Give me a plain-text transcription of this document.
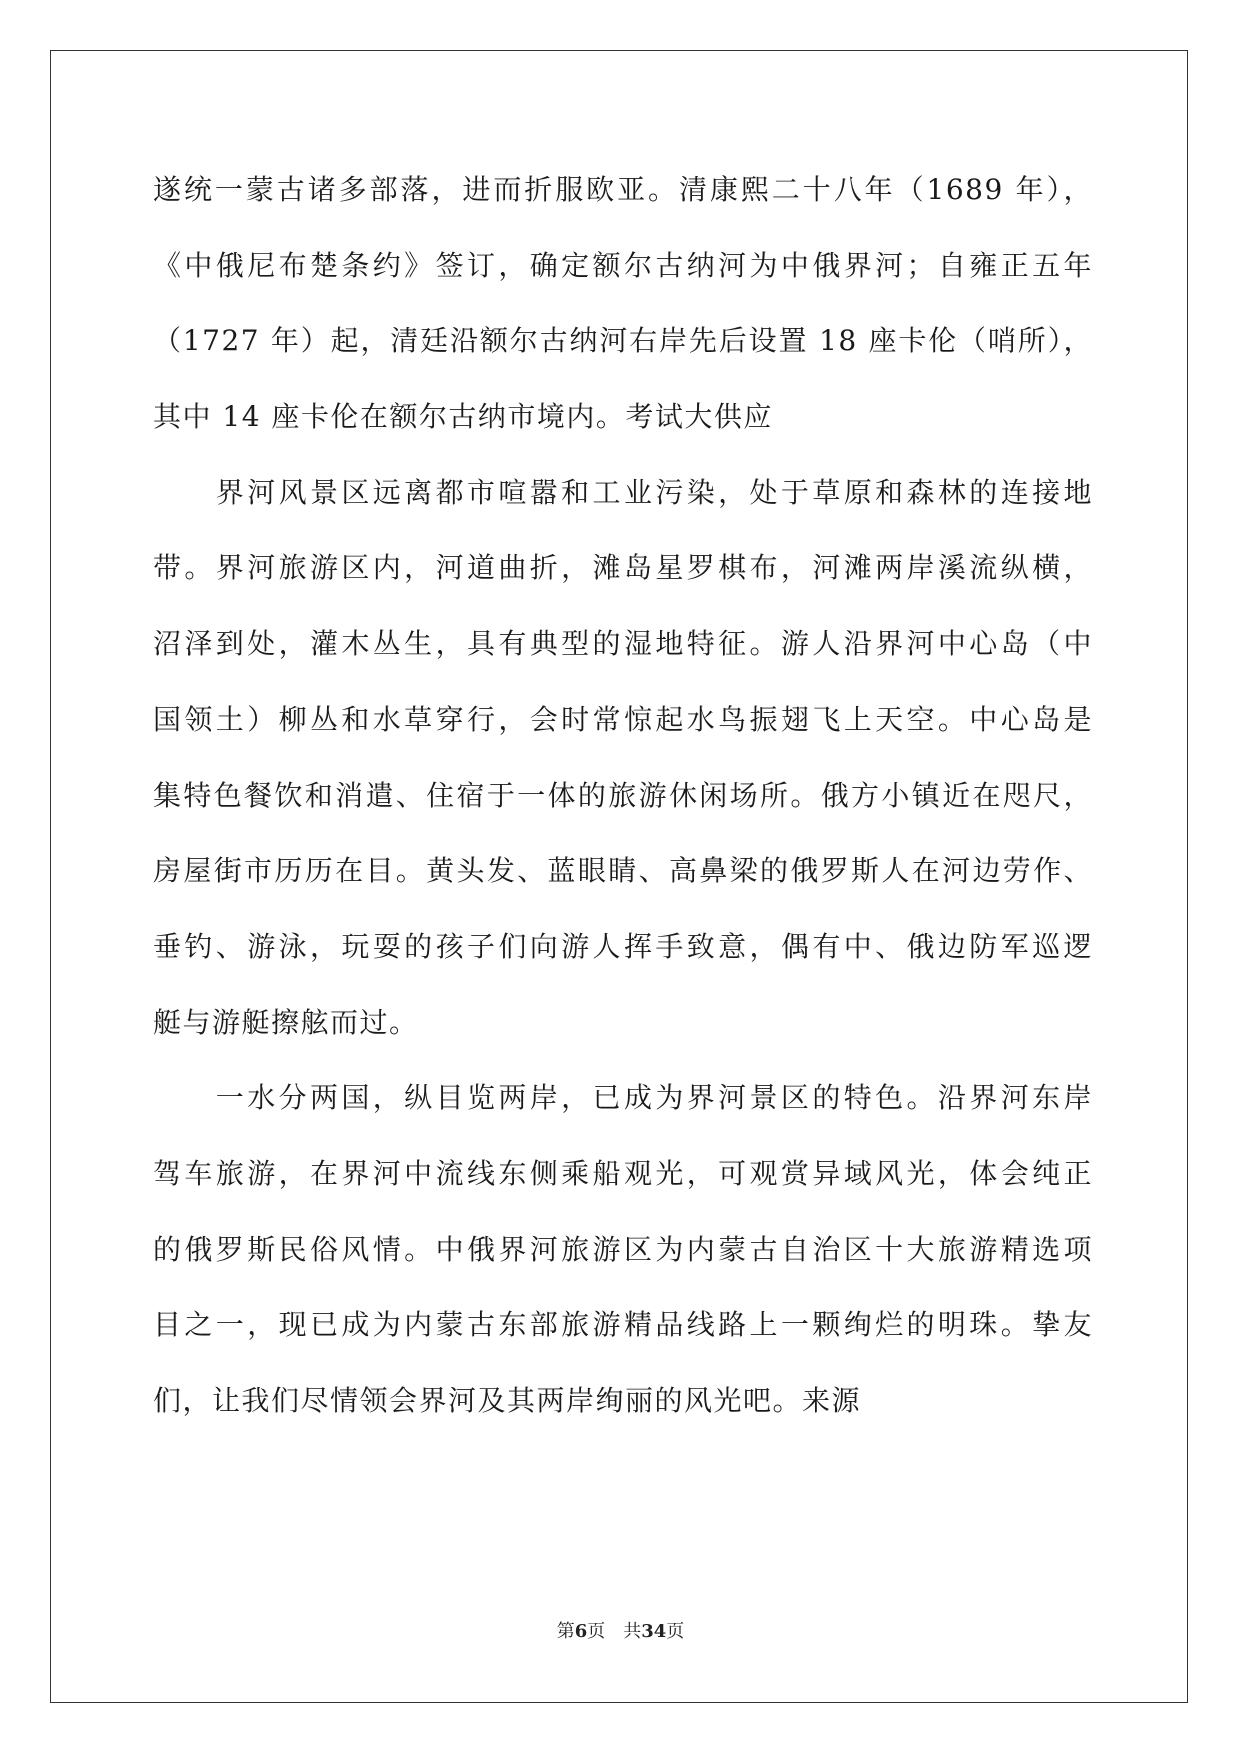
遂统一蒙古诸多部落，进而折服欧亚。清康熙二十八年（1689 年），
《中俄尼布楚条约》签订，确定额尔古纳河为中俄界河；自雍正五年
（1727 年）起，清廷沿额尔古纳河右岸先后设置 18 座卡伦（哨所），
其中 14 座卡伦在额尔古纳市境内。考试大供应
　　界河风景区远离都市喧嚣和工业污染，处于草原和森林的连接地
带。界河旅游区内，河道曲折，滩岛星罗棋布，河滩两岸溪流纵横，
沼泽到处，灌木丛生，具有典型的湿地特征。游人沿界河中心岛（中
国领土）柳丛和水草穿行，会时常惊起水鸟振翅飞上天空。中心岛是
集特色餐饮和消遣、住宿于一体的旅游休闲场所。俄方小镇近在咫尺，
房屋街市历历在目。黄头发、蓝眼睛、高鼻梁的俄罗斯人在河边劳作、
垂钓、游泳，玩耍的孩子们向游人挥手致意，偶有中、俄边防军巡逻
艇与游艇擦舷而过。
　　一水分两国，纵目览两岸，已成为界河景区的特色。沿界河东岸
驾车旅游，在界河中流线东侧乘船观光，可观赏异域风光，体会纯正
的俄罗斯民俗风情。中俄界河旅游区为内蒙古自治区十大旅游精选项
目之一，现已成为内蒙古东部旅游精品线路上一颗绚烂的明珠。挚友
们，让我们尽情领会界河及其两岸绚丽的风光吧。来源
第6页　共34页
